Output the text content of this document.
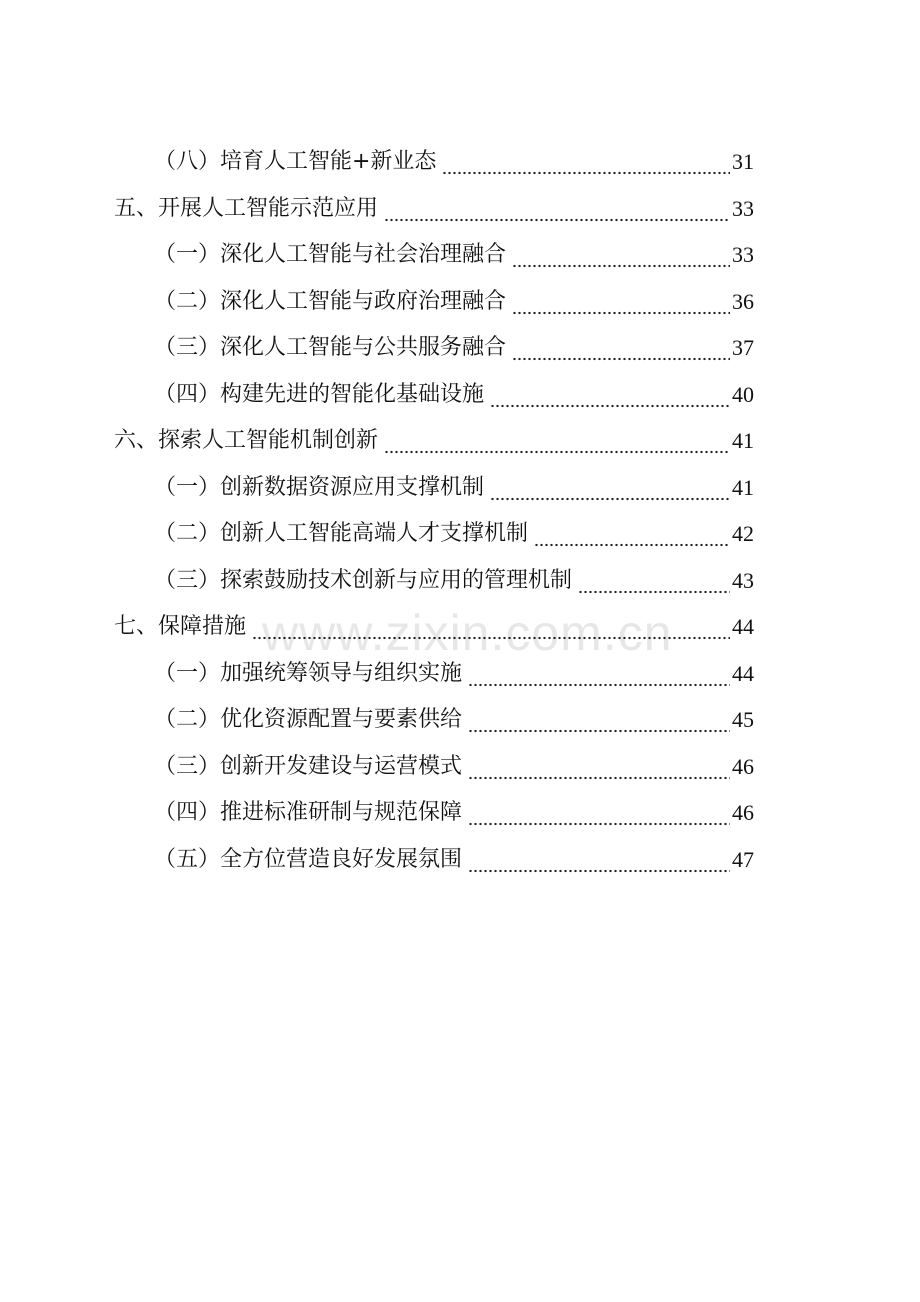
（八）培育人工智能+新业态	31
五、开展人工智能示范应用	33
（一）深化人工智能与社会治理融合	33
（二）深化人工智能与政府治理融合	36
（三）深化人工智能与公共服务融合	37
（四）构建先进的智能化基础设施	40
六、探索人工智能机制创新	41
（一）创新数据资源应用支撑机制	41
（二）创新人工智能高端人才支撑机制	42
（三）探索鼓励技术创新与应用的管理机制	43
七、保障措施	44
（一）加强统筹领导与组织实施	44
（二）优化资源配置与要素供给	45
（三）创新开发建设与运营模式	46
（四）推进标准研制与规范保障	46
（五）全方位营造良好发展氛围	47
